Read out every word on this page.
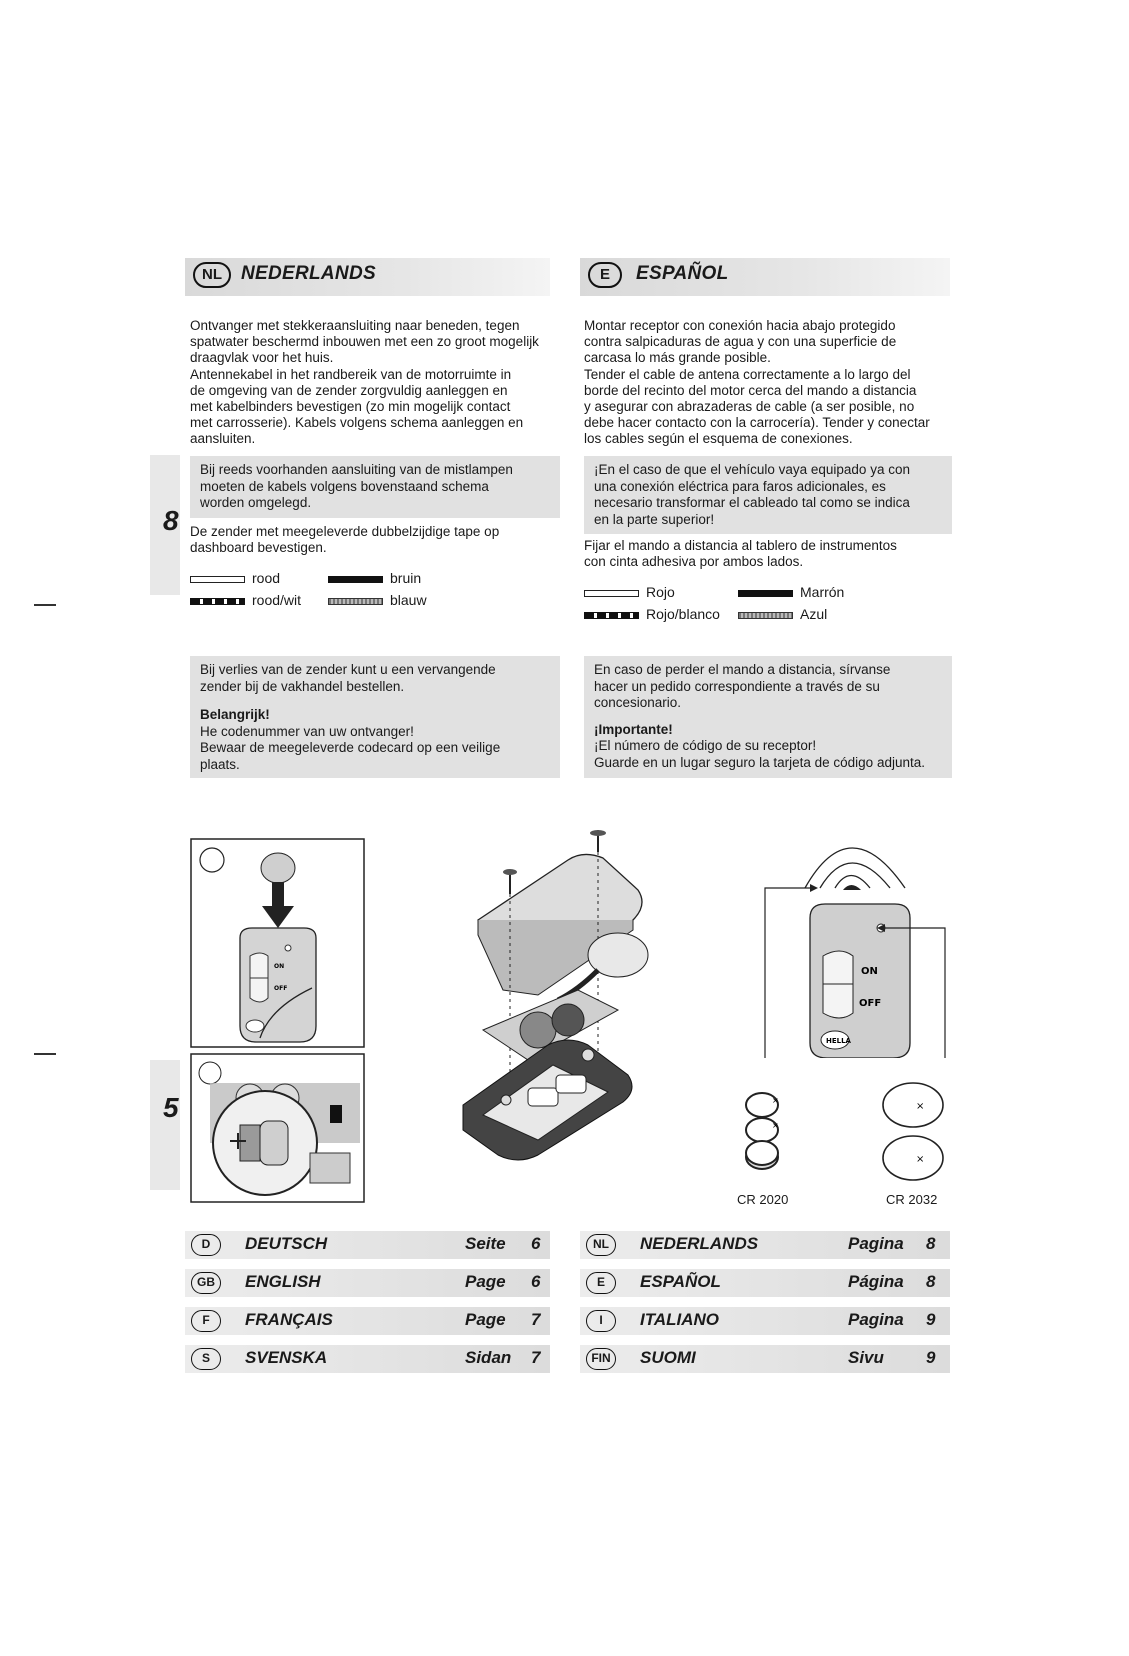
NL	NEDERLANDS
Ontvanger met stekkeraansluiting naar beneden, tegen
spatwater beschermd inbouwen met een zo groot mogelijk
draagvlak voor het huis.
Antennekabel in het randbereik van de motorruimte in
de omgeving van de zender zorgvuldig aanleggen en
met kabelbinders bevestigen (zo min mogelijk contact
met carrosserie). Kabels volgens schema aanleggen en
aansluiten.
8
Bij reeds voorhanden aansluiting van de mistlampen
moeten de kabels volgens bovenstaand schema
worden omgelegd.
De zender met meegeleverde dubbelzijdige tape op
dashboard bevestigen.
rood	bruin
rood/wit	blauw
Bij verlies van de zender kunt u een vervangende
zender bij de vakhandel bestellen.
Belangrijk!
He codenummer van uw ontvanger!
Bewaar de meegeleverde codecard op een veilige
plaats.
E	ESPAÑOL
Montar receptor con conexión hacia abajo protegido
contra salpicaduras de agua y con una superficie de
carcasa lo más grande posible.
Tender el cable de antena correctamente a lo largo del
borde del recinto del motor cerca del mando a distancia
y asegurar con abrazaderas de cable (a ser posible, no
debe hacer contacto con la carrocería). Tender y conectar
los cables según el esquema de conexiones.
¡En el caso de que el vehículo vaya equipado ya con
una conexión eléctrica para faros adicionales, es
necesario transformar el cableado tal como se indica
en la parte superior!
Fijar el mando a distancia al tablero de instrumentos
con cinta adhesiva por ambos lados.
Rojo	Marrón
Rojo/blanco	Azul
En caso de perder el mando a distancia, sírvanse
hacer un pedido correspondiente a través de su
concesionario.
¡Importante!
¡El número de código de su receptor!
Guarde en un lugar seguro la tarjeta de código adjunta.
5
ON
OFF
ON
OFF
HELLA
×
×
×
×
CR 2020	CR 2032
D	DEUTSCH	Seite 6
GB	ENGLISH	Page 6
F	FRANÇAIS	Page 7
S	SVENSKA	Sidan 7
NL	NEDERLANDS	Pagina 8
E	ESPAÑOL	Página 8
I	ITALIANO	Pagina 9
FIN	SUOMI	Sivu 9
